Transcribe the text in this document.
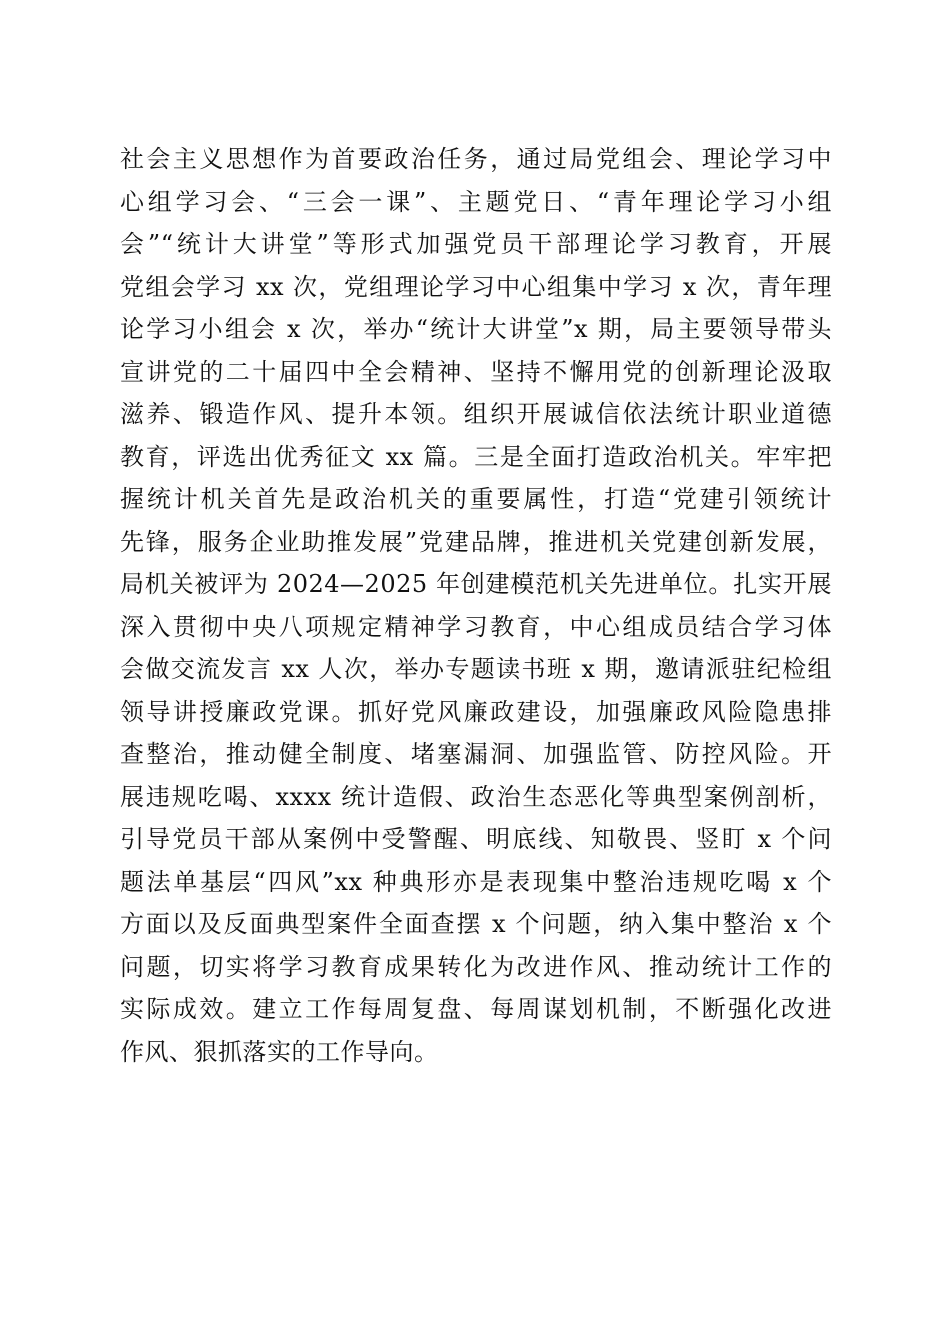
社会主义思想作为首要政治任务，通过局党组会、理论学习中
心组学习会、“三会一课”、主题党日、“青年理论学习小组
会”“统计大讲堂”等形式加强党员干部理论学习教育，开展
党组会学习 xx 次，党组理论学习中心组集中学习 x 次，青年理
论学习小组会 x 次，举办“统计大讲堂”x 期，局主要领导带头
宣讲党的二十届四中全会精神、坚持不懈用党的创新理论汲取
滋养、锻造作风、提升本领。组织开展诚信依法统计职业道德
教育，评选出优秀征文 xx 篇。三是全面打造政治机关。牢牢把
握统计机关首先是政治机关的重要属性，打造“党建引领统计
先锋，服务企业助推发展”党建品牌，推进机关党建创新发展，
局机关被评为 2024—2025 年创建模范机关先进单位。扎实开展
深入贯彻中央八项规定精神学习教育，中心组成员结合学习体
会做交流发言 xx 人次，举办专题读书班 x 期，邀请派驻纪检组
领导讲授廉政党课。抓好党风廉政建设，加强廉政风险隐患排
查整治，推动健全制度、堵塞漏洞、加强监管、防控风险。开
展违规吃喝、xxxx 统计造假、政治生态恶化等典型案例剖析，
引导党员干部从案例中受警醒、明底线、知敬畏、竖盯 x 个问
题法单基层“四风”xx 种典形亦是表现集中整治违规吃喝 x 个
方面以及反面典型案件全面查摆 x 个问题，纳入集中整治 x 个
问题，切实将学习教育成果转化为改进作风、推动统计工作的
实际成效。建立工作每周复盘、每周谋划机制，不断强化改进
作风、狠抓落实的工作导向。
